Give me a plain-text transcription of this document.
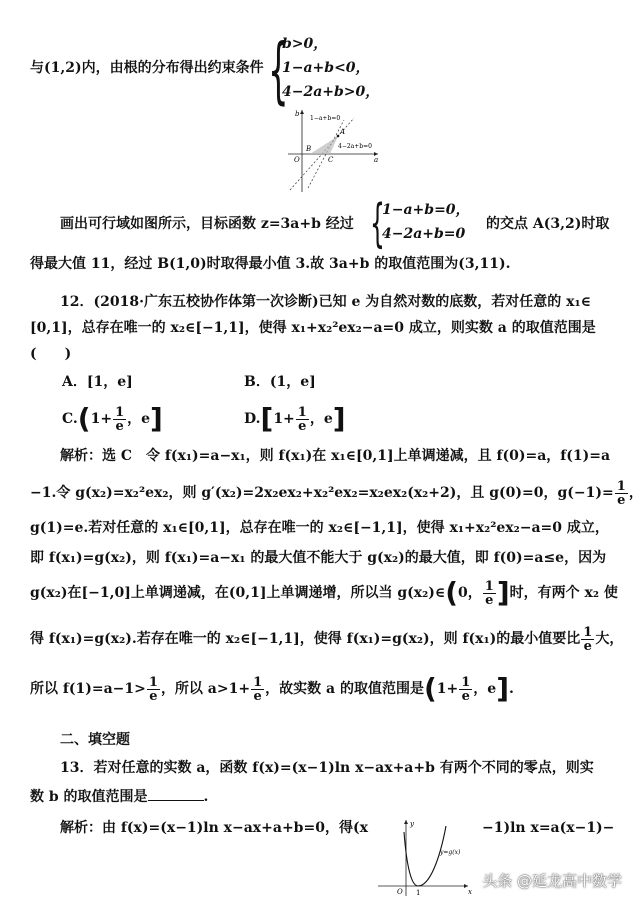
与(1,2)内，由根的分布得出约束条件 {
b>0，
1−a+b<0，
4−2a+b>0，
a
b
O
B
C
A
1−a+b=0
4−2a+b=0
画出可行域如图所示，目标函数 z=3a+b 经过 {
1−a+b=0，
4−2a+b=0
的交点 A(3,2)时取
得最大值 11，经过 B(1,0)时取得最小值 3.故 3a+b 的取值范围为(3,11).
12．(2018·广东五校协作体第一次诊断)已知 e 为自然对数的底数，若对任意的 x₁∈
[0,1]，总存在唯一的 x₂∈[−1,1]，使得 x₁+x₂²ex₂−a=0 成立，则实数 a 的取值范围是
(　　)
A．[1，e]	B．(1，e]
$C.(1+ \frac{1}{e}$ ，e]	$D.[1+ \frac{1}{e}$ ，e]
解析：选 C　令 f(x₁)=a−x₁，则 f(x₁)在 x₁∈[0,1]上单调递减，且 f(0)=a，f(1)=a
−1.令 g(x₂)=x₂²ex₂，则 g′(x₂)=2x₂ex₂+x₂²ex₂=x₂ex₂(x₂+2)，且 g(0)=0，$g(-1)= \frac{1}{e}$ ，
g(1)=e.若对任意的 x₁∈[0,1]，总存在唯一的 x₂∈[−1,1]，使得 x₁+x₂²ex₂−a=0 成立，
即 f(x₁)=g(x₂)，则 f(x₁)=a−x₁ 的最大值不能大于 g(x₂)的最大值，即 f(0)=a≤e，因为
g(x₂)在[−1,0]上单调递减，在(0,1]上单调递增，所以当 g(x₂)∈(0， $\frac{1}{e}$ ]时，有两个 x₂ 使
得 f(x₁)=g(x₂).若存在唯一的 x₂∈[−1,1]，使得 f(x₁)=g(x₂)，则 f(x₁)的最小值要比 $\frac{1}{e}$ 大，
所以 $f(1)=a-1> \frac{1}{e}$ ，所以 $a>1+ \frac{1}{e}$ ，故实数 a 的取值范围是($1+ \frac{1}{e}$ ，e].
二、填空题
13．若对任意的实数 a，函数 f(x)=(x−1)ln x−ax+a+b 有两个不同的零点，则实
数 b 的取值范围是	.
解析：由 f(x)=(x−1)ln x−ax+a+b=0，得(x	−1)ln x=a(x−1)−
x
y
O 1
y=g(x)
头条 @延龙高中数学
